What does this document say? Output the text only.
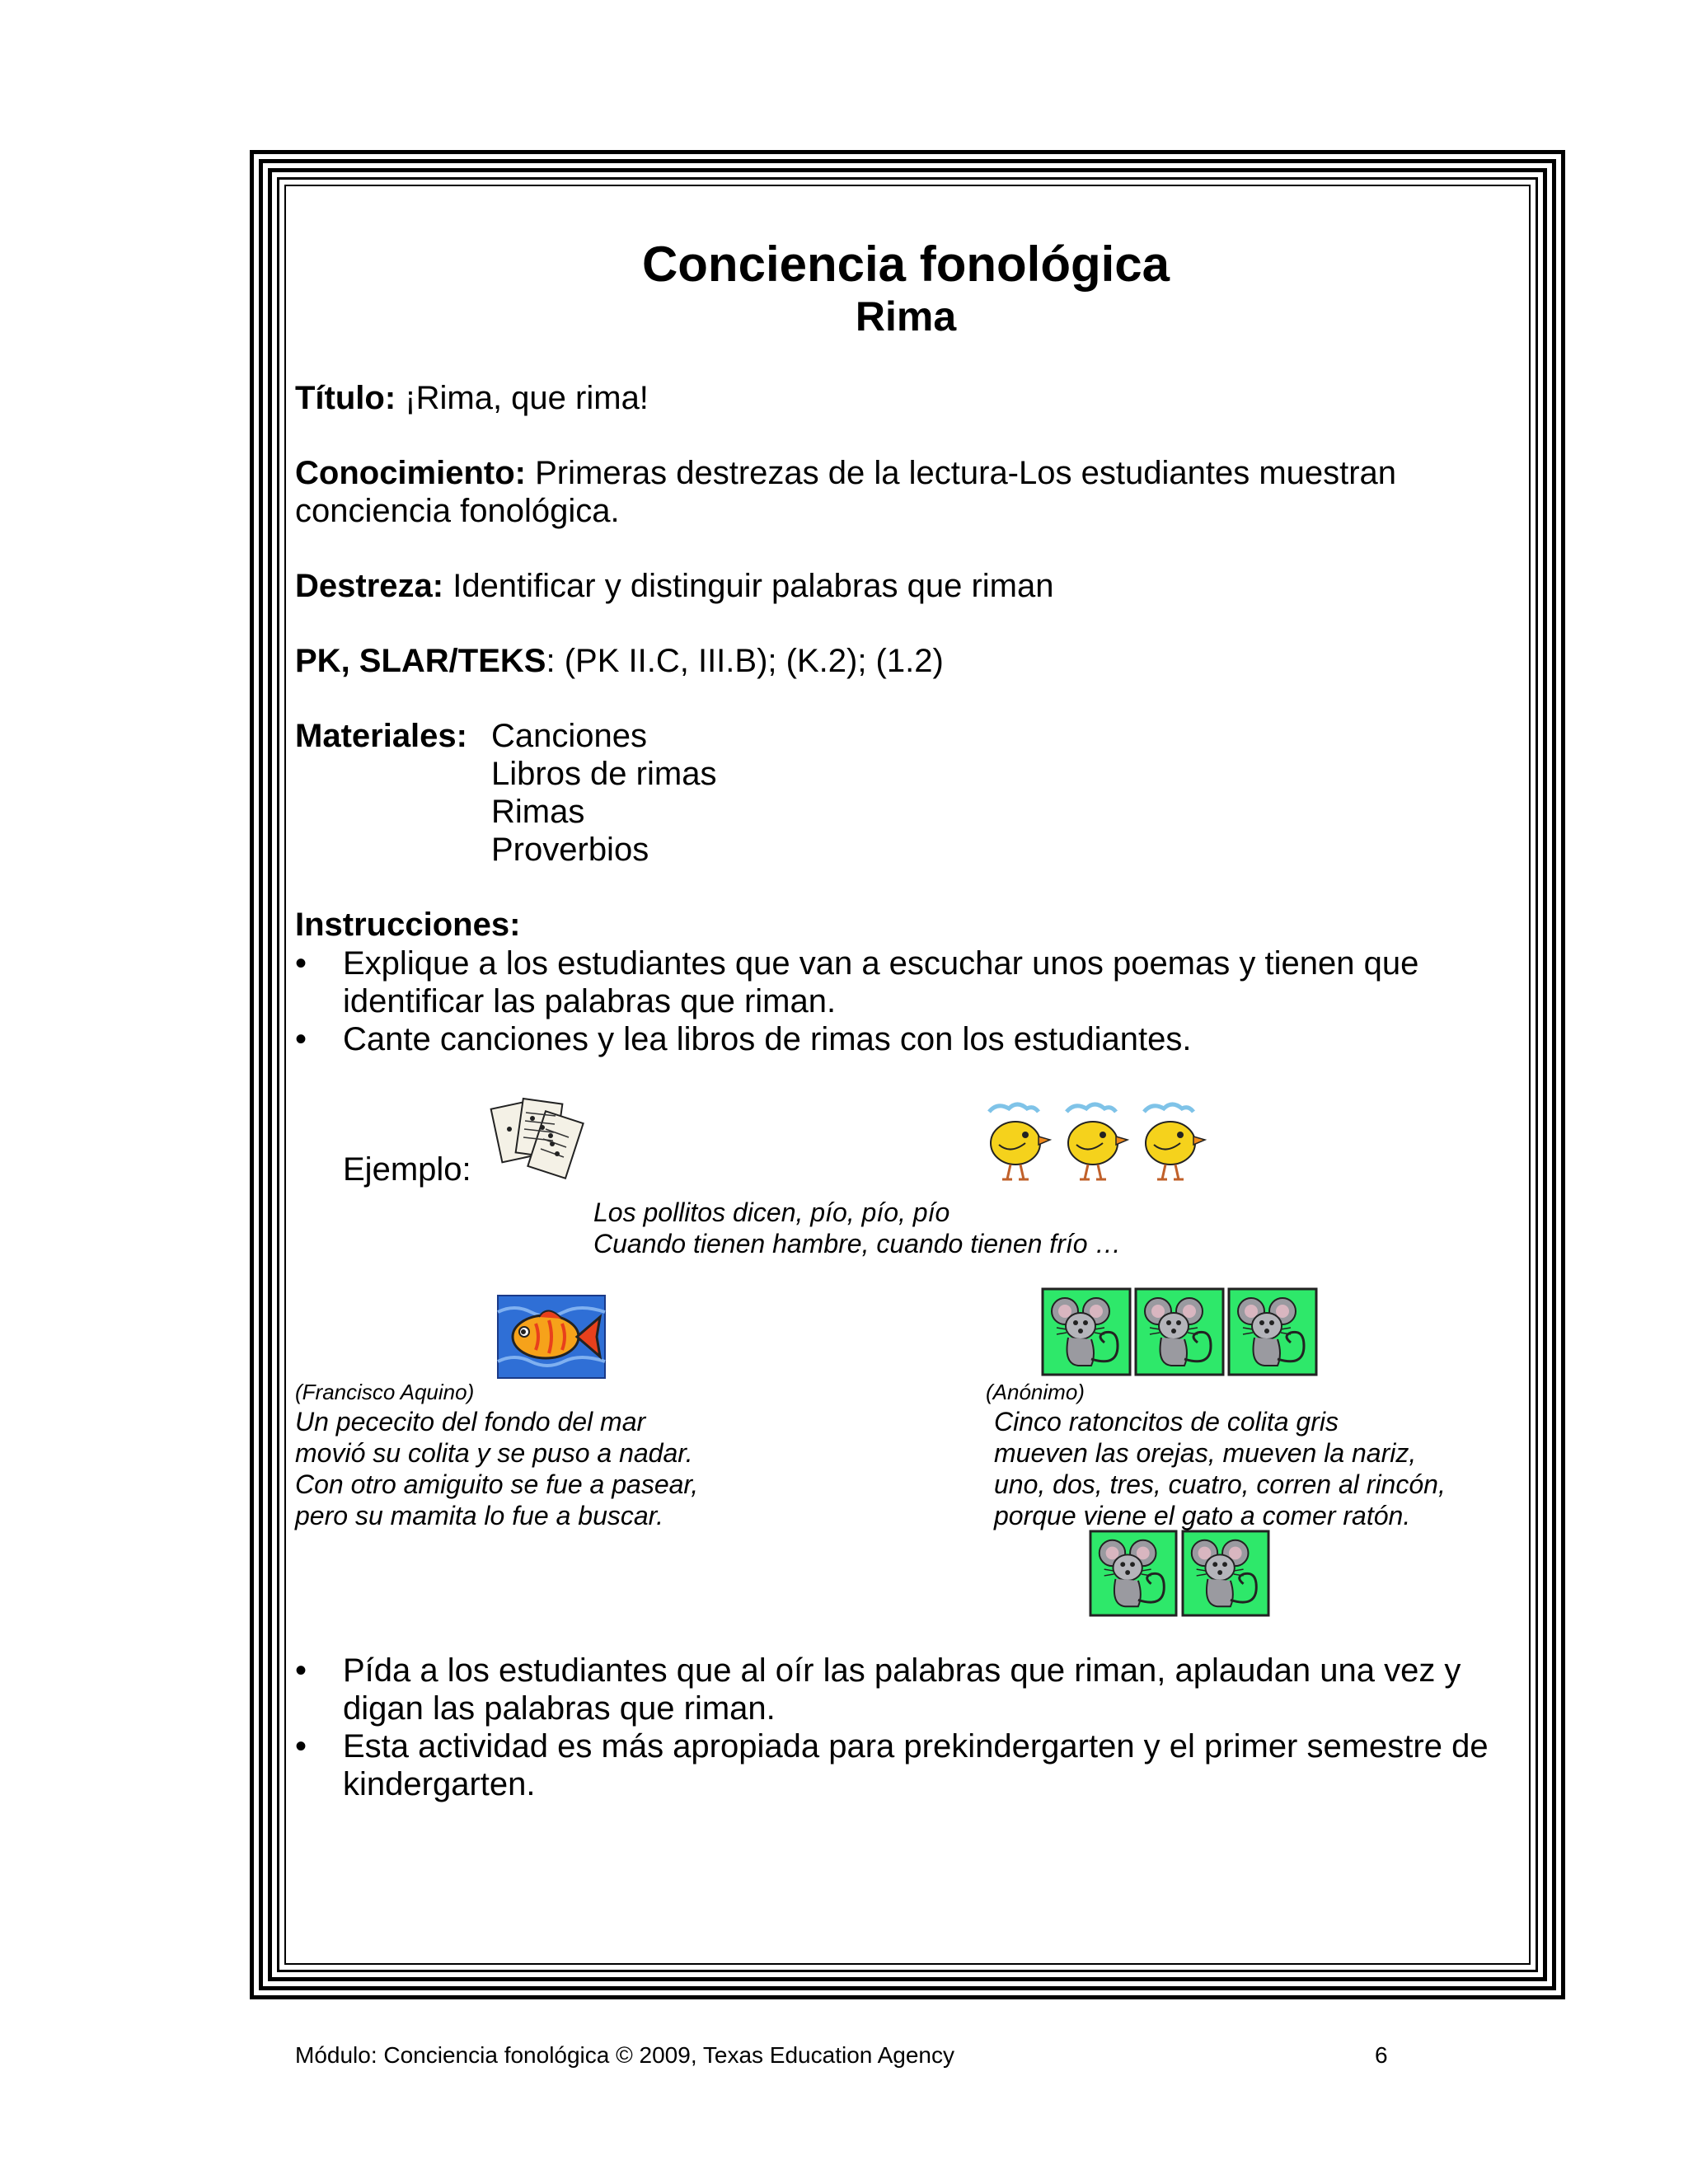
Conciencia fonológica
Rima
Título: ¡Rima, que rima!
Conocimiento: Primeras destrezas de la lectura-Los estudiantes muestran
conciencia fonológica.
Destreza: Identificar y distinguir palabras que riman
PK, SLAR/TEKS: (PK II.C, III.B); (K.2); (1.2)
Materiales: Canciones
Libros de rimas
Rimas
Proverbios
Instrucciones:
• Explique a los estudiantes que van a escuchar unos poemas y tienen que
identificar las palabras que riman.
• Cante canciones y lea libros de rimas con los estudiantes.
Ejemplo:
Los pollitos dicen, pío, pío, pío
Cuando tienen hambre, cuando tienen frío …
(Francisco Aquino)
Un pececito del fondo del mar
movió su colita y se puso a nadar.
Con otro amiguito se fue a pasear,
pero su mamita lo fue a buscar.
(Anónimo)
Cinco ratoncitos de colita gris
mueven las orejas, mueven la nariz,
uno, dos, tres, cuatro, corren al rincón,
porque viene el gato a comer ratón.
• Pída a los estudiantes que al oír las palabras que riman, aplaudan una vez y
digan las palabras que riman.
• Esta actividad es más apropiada para prekindergarten y el primer semestre de
kindergarten.
Módulo: Conciencia fonológica © 2009, Texas Education Agency	6
